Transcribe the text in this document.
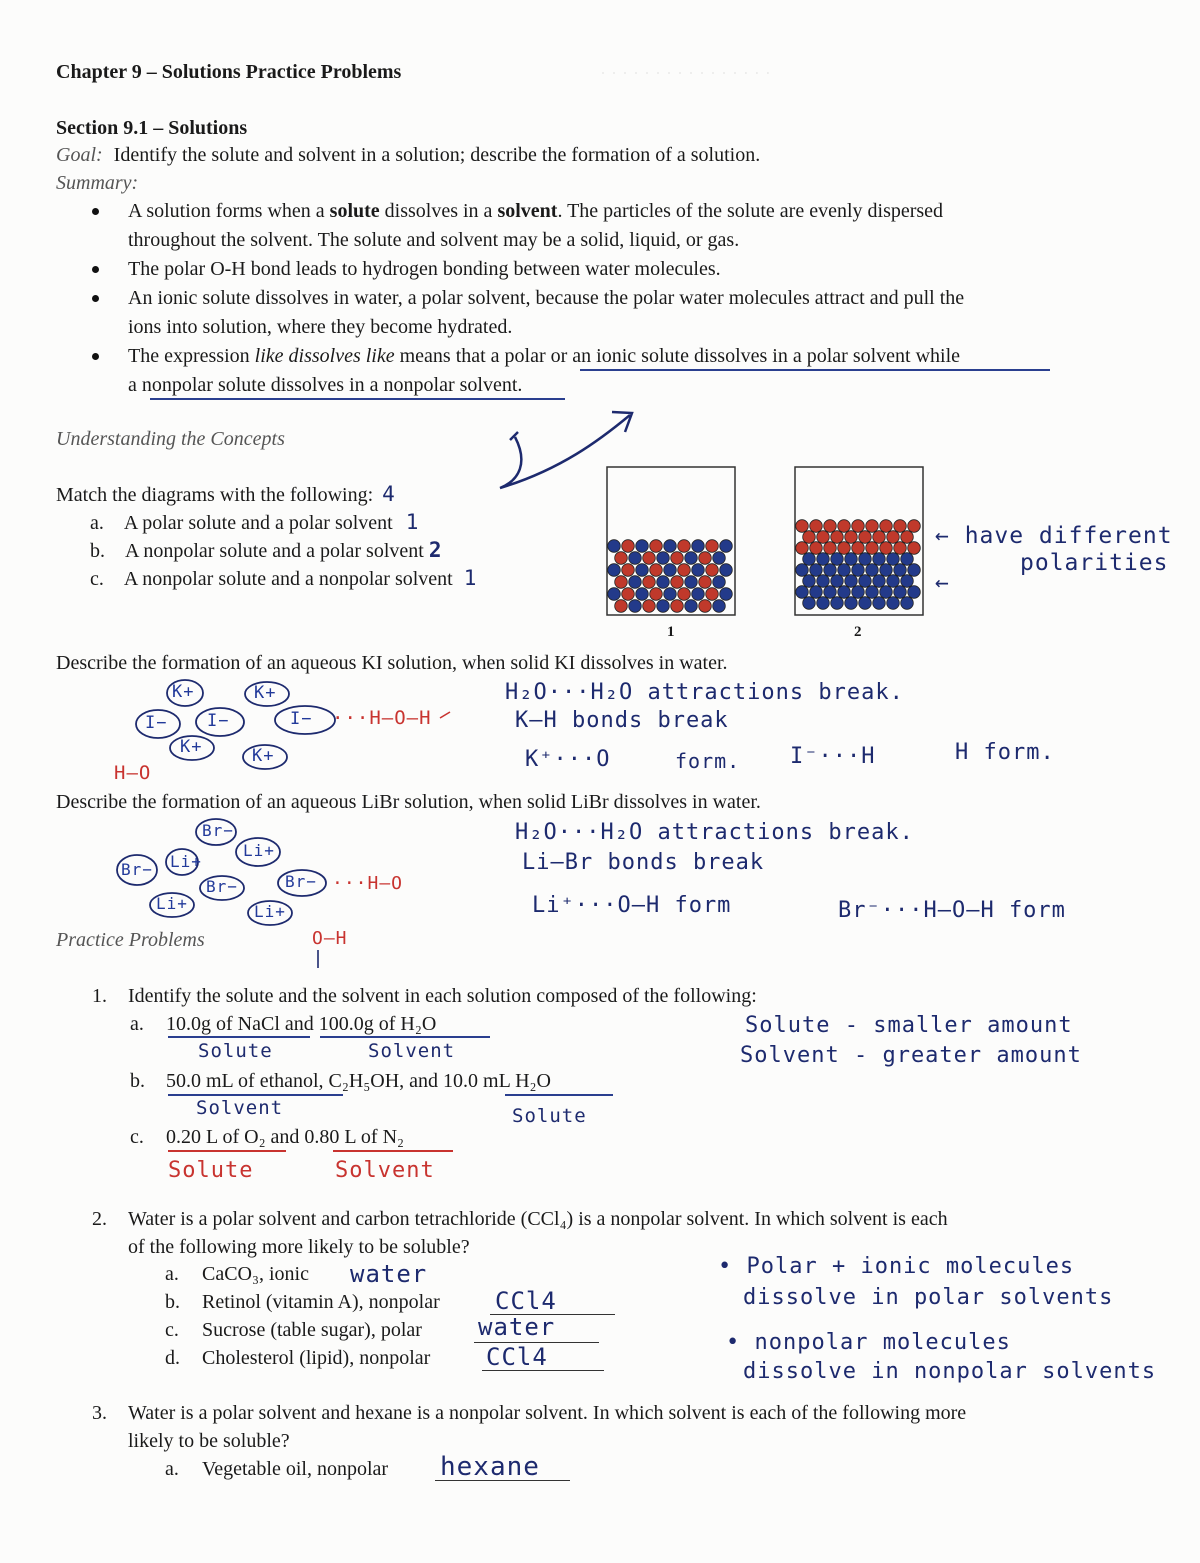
· · · · · · · · · · · · · · · ·
Chapter 9 – Solutions Practice Problems
Section 9.1 – Solutions
Goal: Identify the solute and solvent in a solution; describe the formation of a solution.
Summary:
A solution forms when a solute dissolves in a solvent. The particles of the solute are evenly dispersed
throughout the solvent. The solute and solvent may be a solid, liquid, or gas.
The polar O-H bond leads to hydrogen bonding between water molecules.
An ionic solute dissolves in water, a polar solvent, because the polar water molecules attract and pull the
ions into solution, where they become hydrated.
The expression like dissolves like means that a polar or an ionic solute dissolves in a polar solvent while
a nonpolar solute dissolves in a nonpolar solvent.
Understanding the Concepts
Match the diagrams with the following: 4
a. A polar solute and a polar solvent 1
b. A nonpolar solute and a polar solvent 2
c. A nonpolar solute and a nonpolar solvent 1
1	2
← have different
polarities
←
Describe the formation of an aqueous KI solution, when solid KI dissolves in water.
K+	K+
I− I−	I−
K+	K+
···H–O–H
H–O
H₂O···H₂O attractions break.
K–H bonds break
K⁺···O	form. I⁻···H	H form.
Describe the formation of an aqueous LiBr solution, when solid LiBr dissolves in water.
Br−
Br− Li+
Li+
Br−	Br−
Li+	Li+
···H–O
O–H
H₂O···H₂O attractions break.
Li–Br bonds break
Li⁺···O–H form	Br⁻···H–O–H form
Practice Problems
1. Identify the solute and the solvent in each solution composed of the following:
a. 10.0g of NaCl and 100.0g of H₂O
Solute	Solvent
Solute - smaller amount
Solvent - greater amount
b. 50.0 mL of ethanol, C₂H₅OH, and 10.0 mL H₂O
Solvent	Solute
c. 0.20 L of O₂ and 0.80 L of N₂
Solute	Solvent
2. Water is a polar solvent and carbon tetrachloride (CCl₄) is a nonpolar solvent. In which solvent is each
of the following more likely to be soluble?
a. CaCO₃, ionic water
b. Retinol (vitamin A), nonpolar CCl4
c. Sucrose (table sugar), polar water
d. Cholesterol (lipid), nonpolar CCl4
• Polar + ionic molecules
dissolve in polar solvents
• nonpolar molecules
dissolve in nonpolar solvents
3. Water is a polar solvent and hexane is a nonpolar solvent. In which solvent is each of the following more
likely to be soluble?
a. Vegetable oil, nonpolar hexane
